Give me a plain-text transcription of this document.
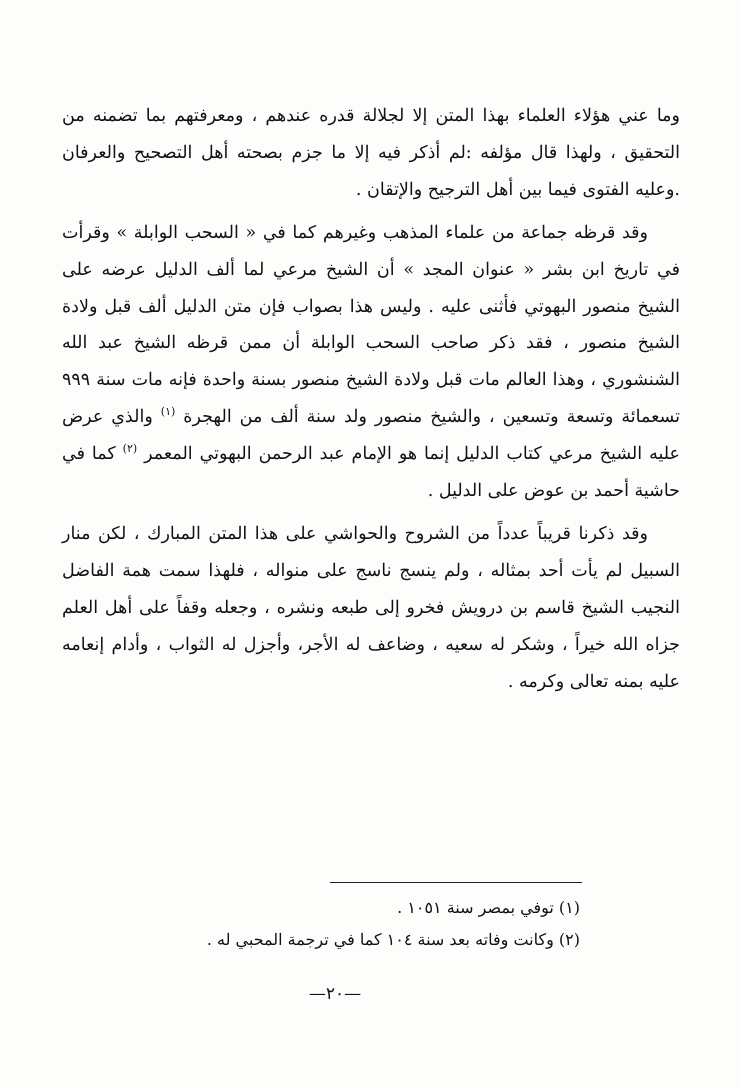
وما عني هؤلاء العلماء بهذا المتن إلا لجلالة قدره عندهم ، ومعرفتهم بما تضمنه من التحقيق ، ولهذا قال مؤلفه :لم أذكر فيه إلا ما جزم بصحته أهل التصحيح والعرفان .وعليه الفتوى فيما بين أهل الترجيح والإتقان .

وقد قرظه جماعة من علماء المذهب وغيرهم كما في « السحب الوابلة » وقرأت في تاريخ ابن بشر « عنوان المجد » أن الشيخ مرعي لما ألف الدليل عرضه على الشيخ منصور البهوتي فأثنى عليه . وليس هذا بصواب فإن متن الدليل ألف قبل ولادة الشيخ منصور ، فقد ذكر صاحب السحب الوابلة أن ممن قرظه الشيخ عبد الله الشنشوري ، وهذا العالم مات قبل ولادة الشيخ منصور بسنة واحدة فإنه مات سنة ٩٩٩ تسعمائة وتسعة وتسعين ، والشيخ منصور ولد سنة ألف من الهجرة $^{(١)}$ والذي عرض عليه الشيخ مرعي كتاب الدليل إنما هو الإمام عبد الرحمن البهوتي المعمر $^{(٢)}$ كما في حاشية أحمد بن عوض على الدليل .

وقد ذكرنا قريباً عدداً من الشروح والحواشي على هذا المتن المبارك ، لكن منار السبيل لم يأت أحد بمثاله ، ولم ينسج ناسج على منواله ، فلهذا سمت همة الفاضل النجيب الشيخ قاسم بن درويش فخرو إلى طبعه ونشره ، وجعله وقفاً على أهل العلم جزاه الله خيراً ، وشكر له سعيه ، وضاعف له الأجر، وأجزل له الثواب ، وأدام إنعامه عليه بمنه تعالى وكرمه .

(١) توفي بمصر سنة ١٠٥١ .

(٢) وكانت وفاته بعد سنة ١٠٤ كما في ترجمة المحبي له .

—٢٠—
